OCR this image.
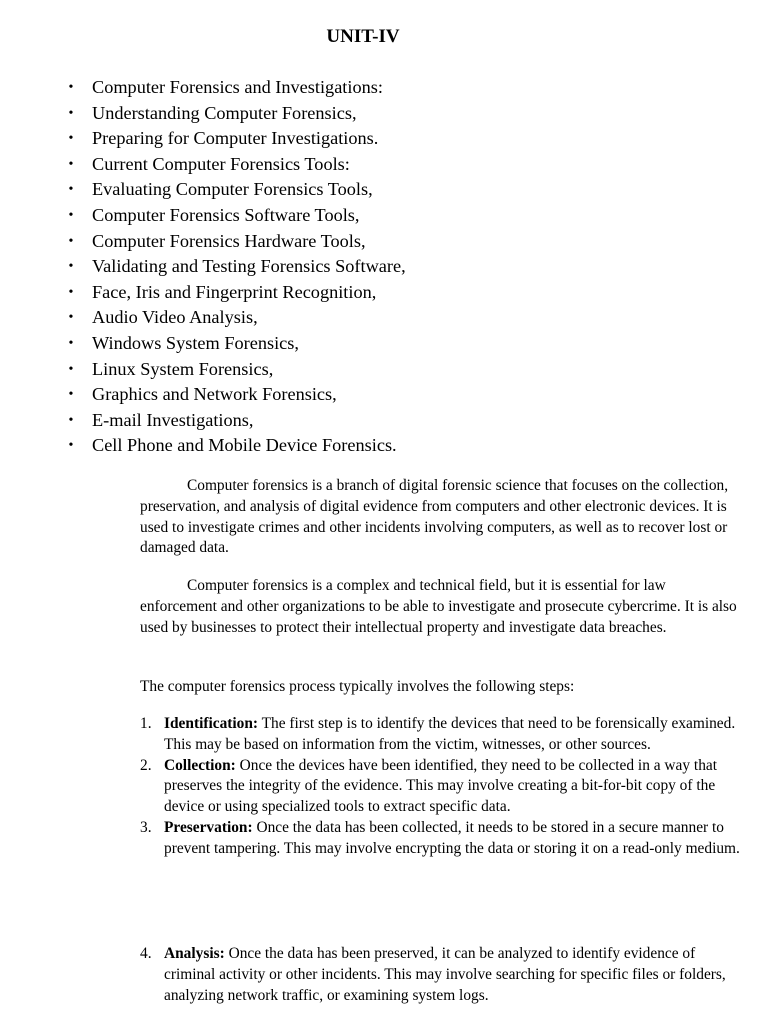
UNIT-IV
• Computer Forensics and Investigations:
• Understanding Computer Forensics,
• Preparing for Computer Investigations.
• Current Computer Forensics Tools:
• Evaluating Computer Forensics Tools,
• Computer Forensics Software Tools,
• Computer Forensics Hardware Tools,
• Validating and Testing Forensics Software,
• Face, Iris and Fingerprint Recognition,
• Audio Video Analysis,
• Windows System Forensics,
• Linux System Forensics,
• Graphics and Network Forensics,
• E-mail Investigations,
• Cell Phone and Mobile Device Forensics.

Computer forensics is a branch of digital forensic science that focuses on the collection, preservation, and analysis of digital evidence from computers and other electronic devices. It is used to investigate crimes and other incidents involving computers, as well as to recover lost or damaged data.

Computer forensics is a complex and technical field, but it is essential for law enforcement and other organizations to be able to investigate and prosecute cybercrime. It is also used by businesses to protect their intellectual property and investigate data breaches.

The computer forensics process typically involves the following steps:

1. Identification: The first step is to identify the devices that need to be forensically examined. This may be based on information from the victim, witnesses, or other sources.
2. Collection: Once the devices have been identified, they need to be collected in a way that preserves the integrity of the evidence. This may involve creating a bit-for-bit copy of the device or using specialized tools to extract specific data.
3. Preservation: Once the data has been collected, it needs to be stored in a secure manner to prevent tampering. This may involve encrypting the data or storing it on a read-only medium.
4. Analysis: Once the data has been preserved, it can be analyzed to identify evidence of criminal activity or other incidents. This may involve searching for specific files or folders, analyzing network traffic, or examining system logs.
